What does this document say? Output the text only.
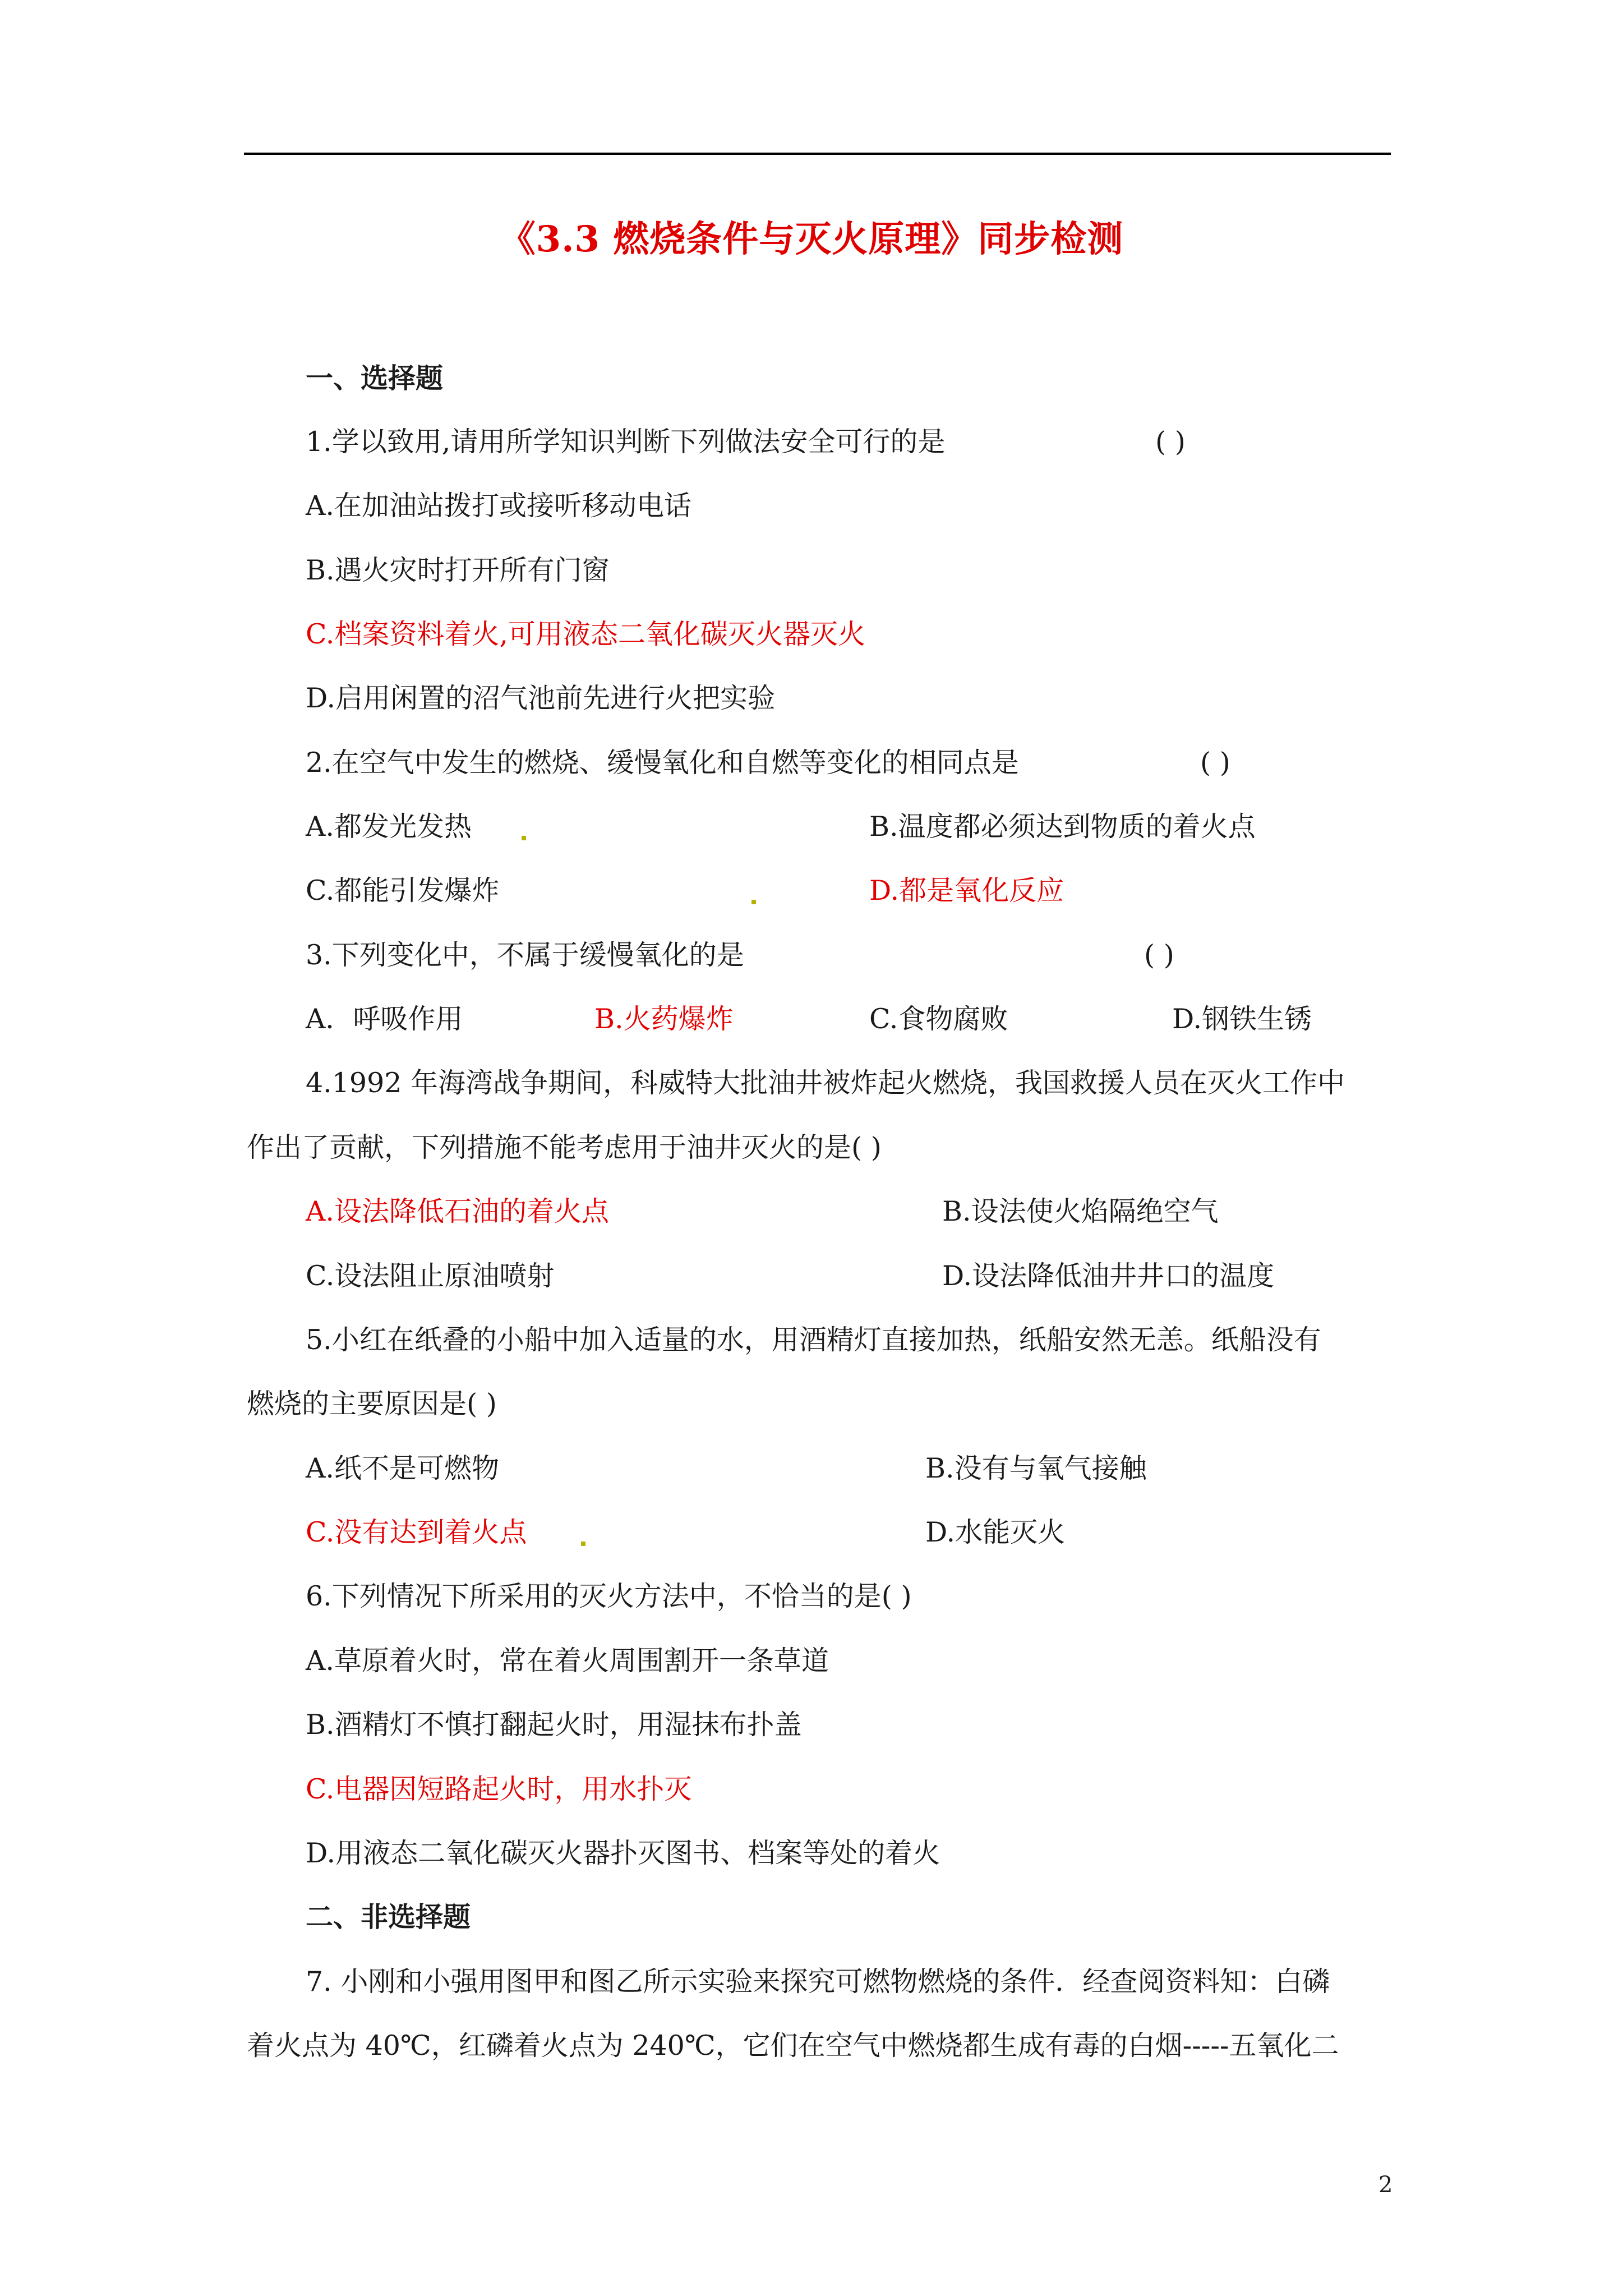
《3.3 燃烧条件与灭火原理》同步检测
一、选择题
1.学以致用,请用所学知识判断下列做法安全可行的是	( )
A.在加油站拨打或接听移动电话
B.遇火灾时打开所有门窗
C.档案资料着火,可用液态二氧化碳灭火器灭火
D.启用闲置的沼气池前先进行火把实验
2.在空气中发生的燃烧、缓慢氧化和自燃等变化的相同点是	( )
A.都发光发热	B.温度都必须达到物质的着火点
C.都能引发爆炸	D.都是氧化反应
3.下列变化中，不属于缓慢氧化的是	( )
A．呼吸作用	B.火药爆炸	C.食物腐败	D.钢铁生锈
4.1992 年海湾战争期间，科威特大批油井被炸起火燃烧，我国救援人员在灭火工作中
作出了贡献，下列措施不能考虑用于油井灭火的是( )
A.设法降低石油的着火点	B.设法使火焰隔绝空气
C.设法阻止原油喷射	D.设法降低油井井口的温度
5.小红在纸叠的小船中加入适量的水，用酒精灯直接加热，纸船安然无恙。纸船没有
燃烧的主要原因是( )
A.纸不是可燃物	B.没有与氧气接触
C.没有达到着火点	D.水能灭火
6.下列情况下所采用的灭火方法中，不恰当的是( )
A.草原着火时，常在着火周围割开一条草道
B.酒精灯不慎打翻起火时，用湿抹布扑盖
C.电器因短路起火时，用水扑灭
D.用液态二氧化碳灭火器扑灭图书、档案等处的着火
二、非选择题
7. 小刚和小强用图甲和图乙所示实验来探究可燃物燃烧的条件．经查阅资料知：白磷
着火点为 40℃，红磷着火点为 240℃，它们在空气中燃烧都生成有毒的白烟-----五氧化二
2
